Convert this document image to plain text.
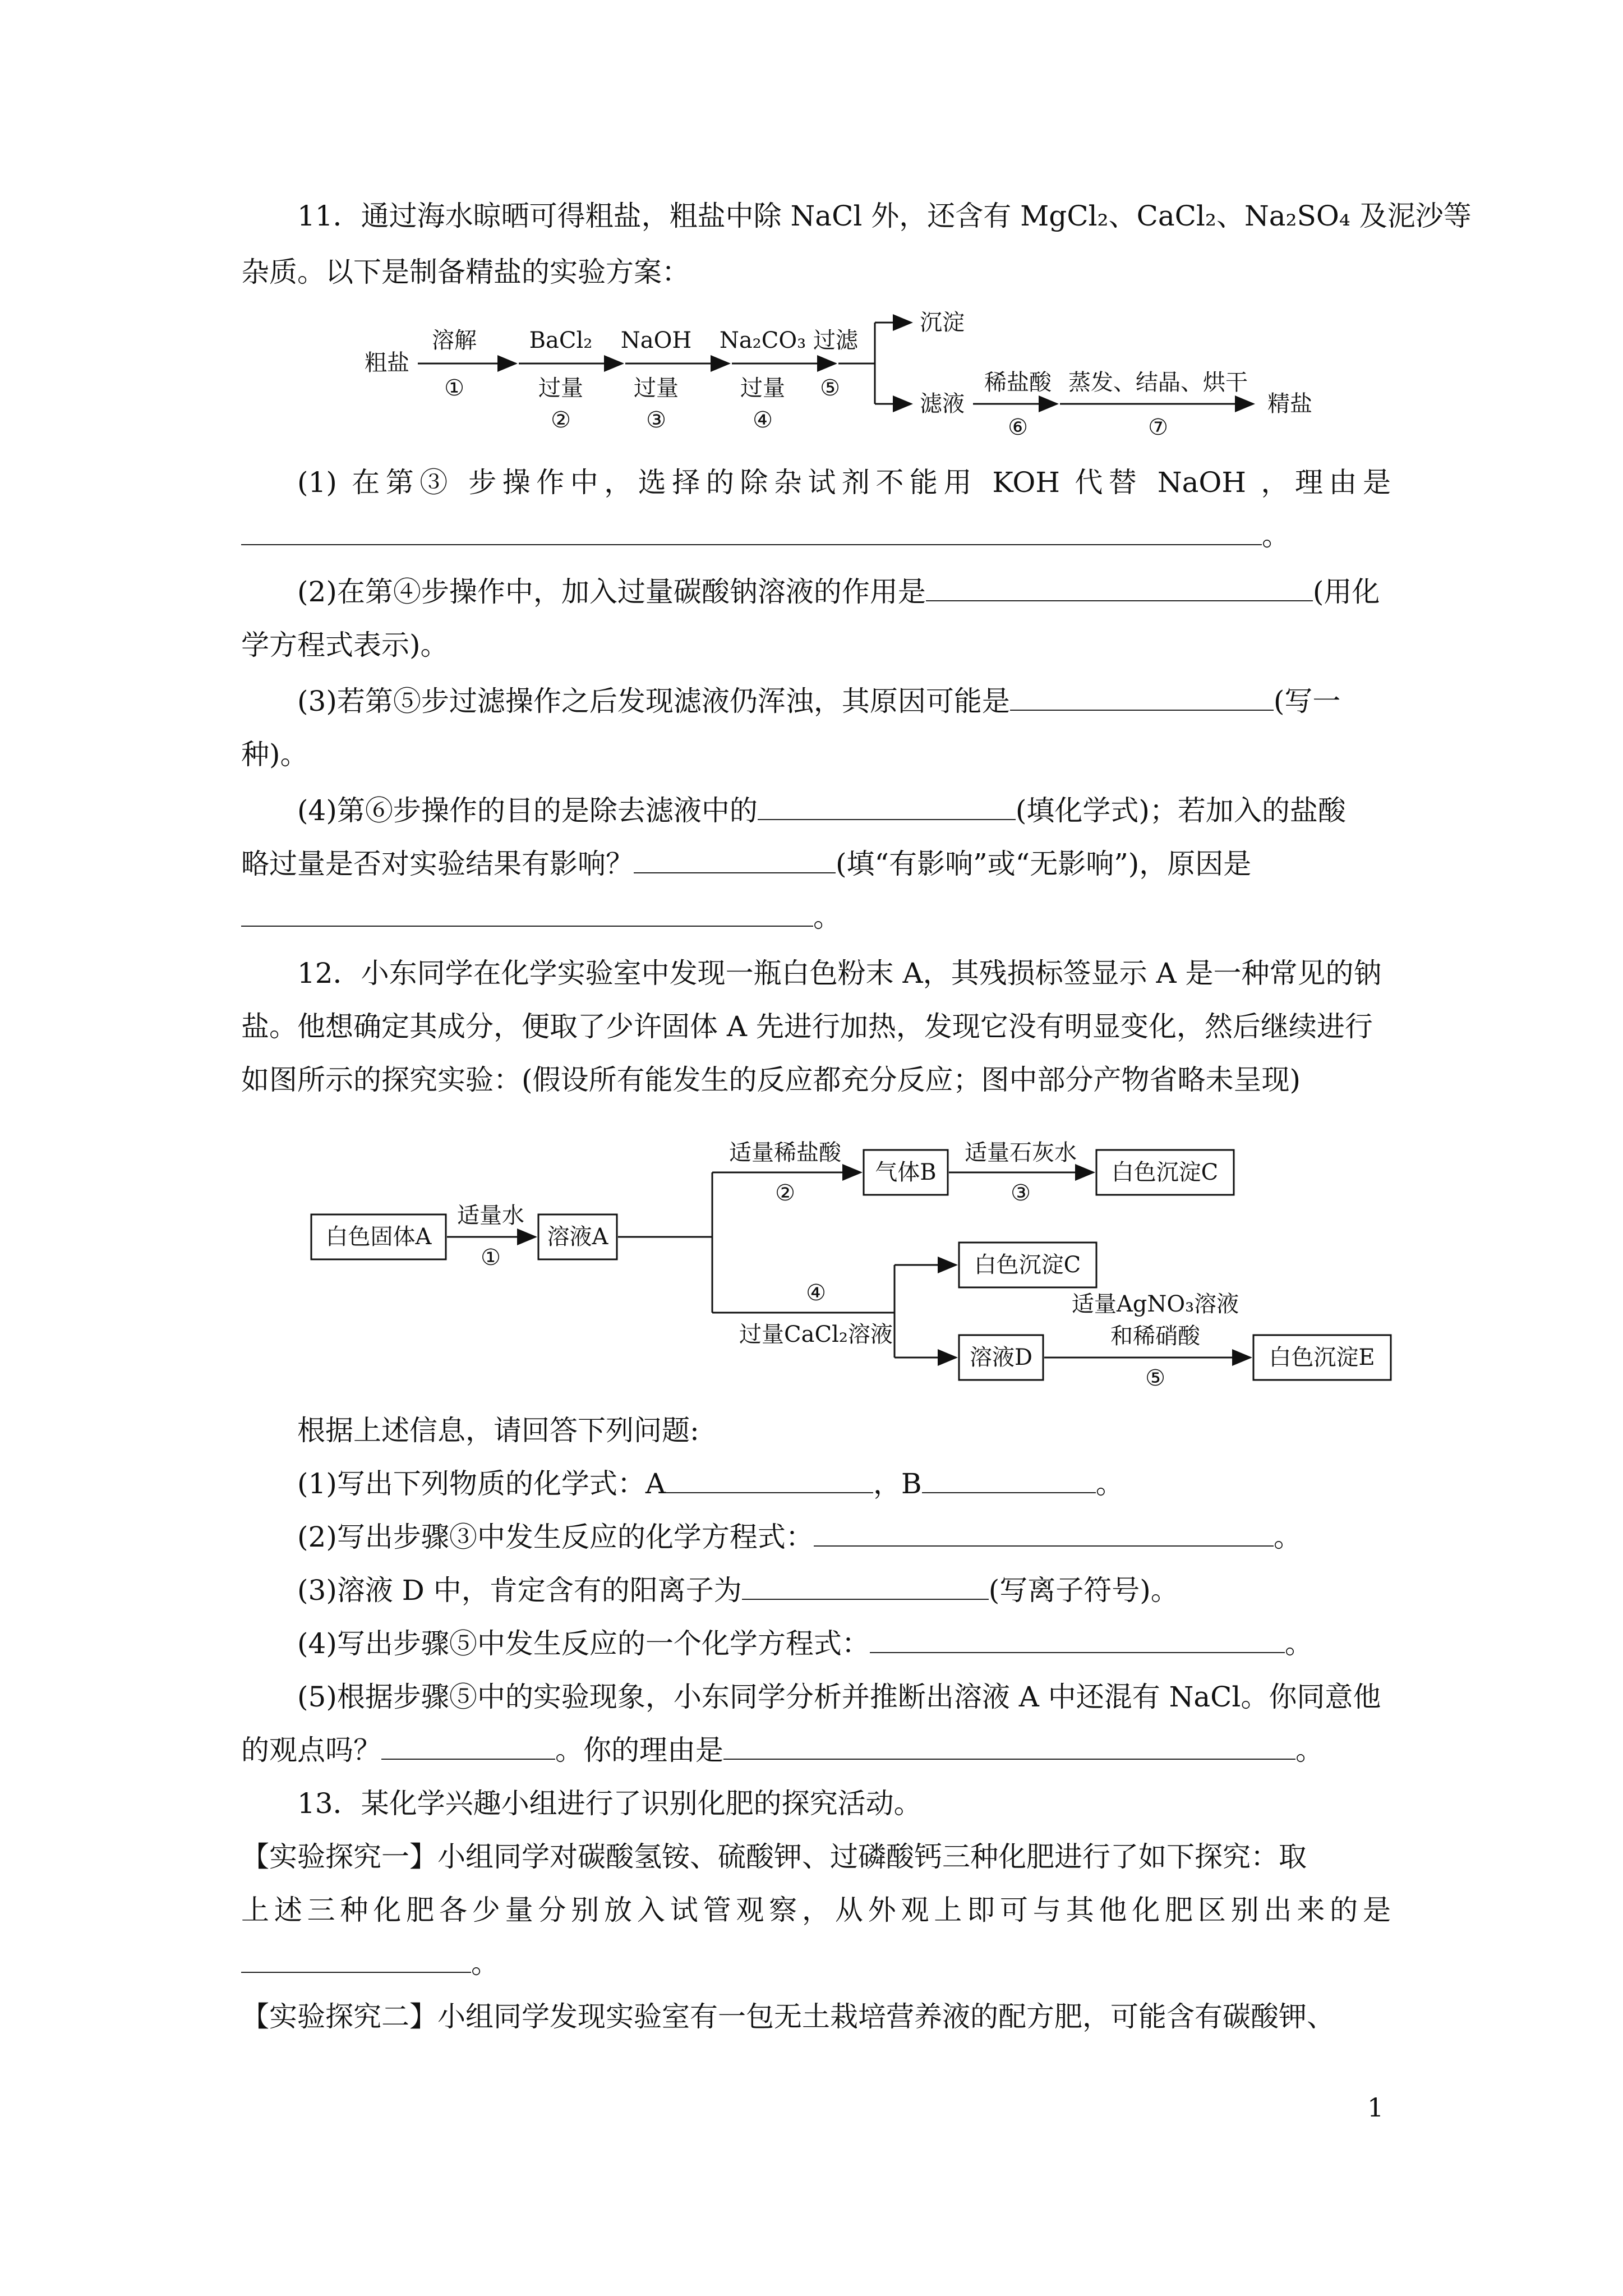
11．通过海水晾晒可得粗盐，粗盐中除 NaCl 外，还含有 MgCl₂、CaCl₂、Na₂SO₄ 及泥沙等
杂质。以下是制备精盐的实验方案：
粗盐
溶解
①
BaCl₂
过量
②
NaOH
过量
③
Na₂CO₃
过量
④
过滤
⑤
沉淀
滤液
稀盐酸
⑥
蒸发、结晶、烘干
⑦
精盐
(1) 在第③ 步操作中，选择的除杂试剂不能用 KOH 代替 NaOH ，理由是
。
(2)在第④步操作中，加入过量碳酸钠溶液的作用是	(用化
学方程式表示)。
(3)若第⑤步过滤操作之后发现滤液仍浑浊，其原因可能是	(写一
种)。
(4)第⑥步操作的目的是除去滤液中的	(填化学式)；若加入的盐酸
略过量是否对实验结果有影响？	(填“有影响”或“无影响”)，原因是
。
12．小东同学在化学实验室中发现一瓶白色粉末 A，其残损标签显示 A 是一种常见的钠
盐。他想确定其成分，便取了少许固体 A 先进行加热，发现它没有明显变化，然后继续进行
如图所示的探究实验：(假设所有能发生的反应都充分反应；图中部分产物省略未呈现)
白色固体A
适量水
①
溶液A
适量稀盐酸
②
气体B
适量石灰水
③
白色沉淀C
④
过量CaCl₂溶液
白色沉淀C
溶液D
适量AgNO₃溶液
和稀硝酸
⑤
白色沉淀E
根据上述信息，请回答下列问题:
(1)写出下列物质的化学式：A	，B	。
(2)写出步骤③中发生反应的化学方程式：	。
(3)溶液 D 中，肯定含有的阳离子为	(写离子符号)。
(4)写出步骤⑤中发生反应的一个化学方程式：	。
(5)根据步骤⑤中的实验现象，小东同学分析并推断出溶液 A 中还混有 NaCl。你同意他
的观点吗？	。你的理由是	。
13．某化学兴趣小组进行了识别化肥的探究活动。
【实验探究一】小组同学对碳酸氢铵、硫酸钾、过磷酸钙三种化肥进行了如下探究：取
上述三种化肥各少量分别放入试管观察，从外观上即可与其他化肥区别出来的是
。
【实验探究二】小组同学发现实验室有一包无土栽培营养液的配方肥，可能含有碳酸钾、
1
